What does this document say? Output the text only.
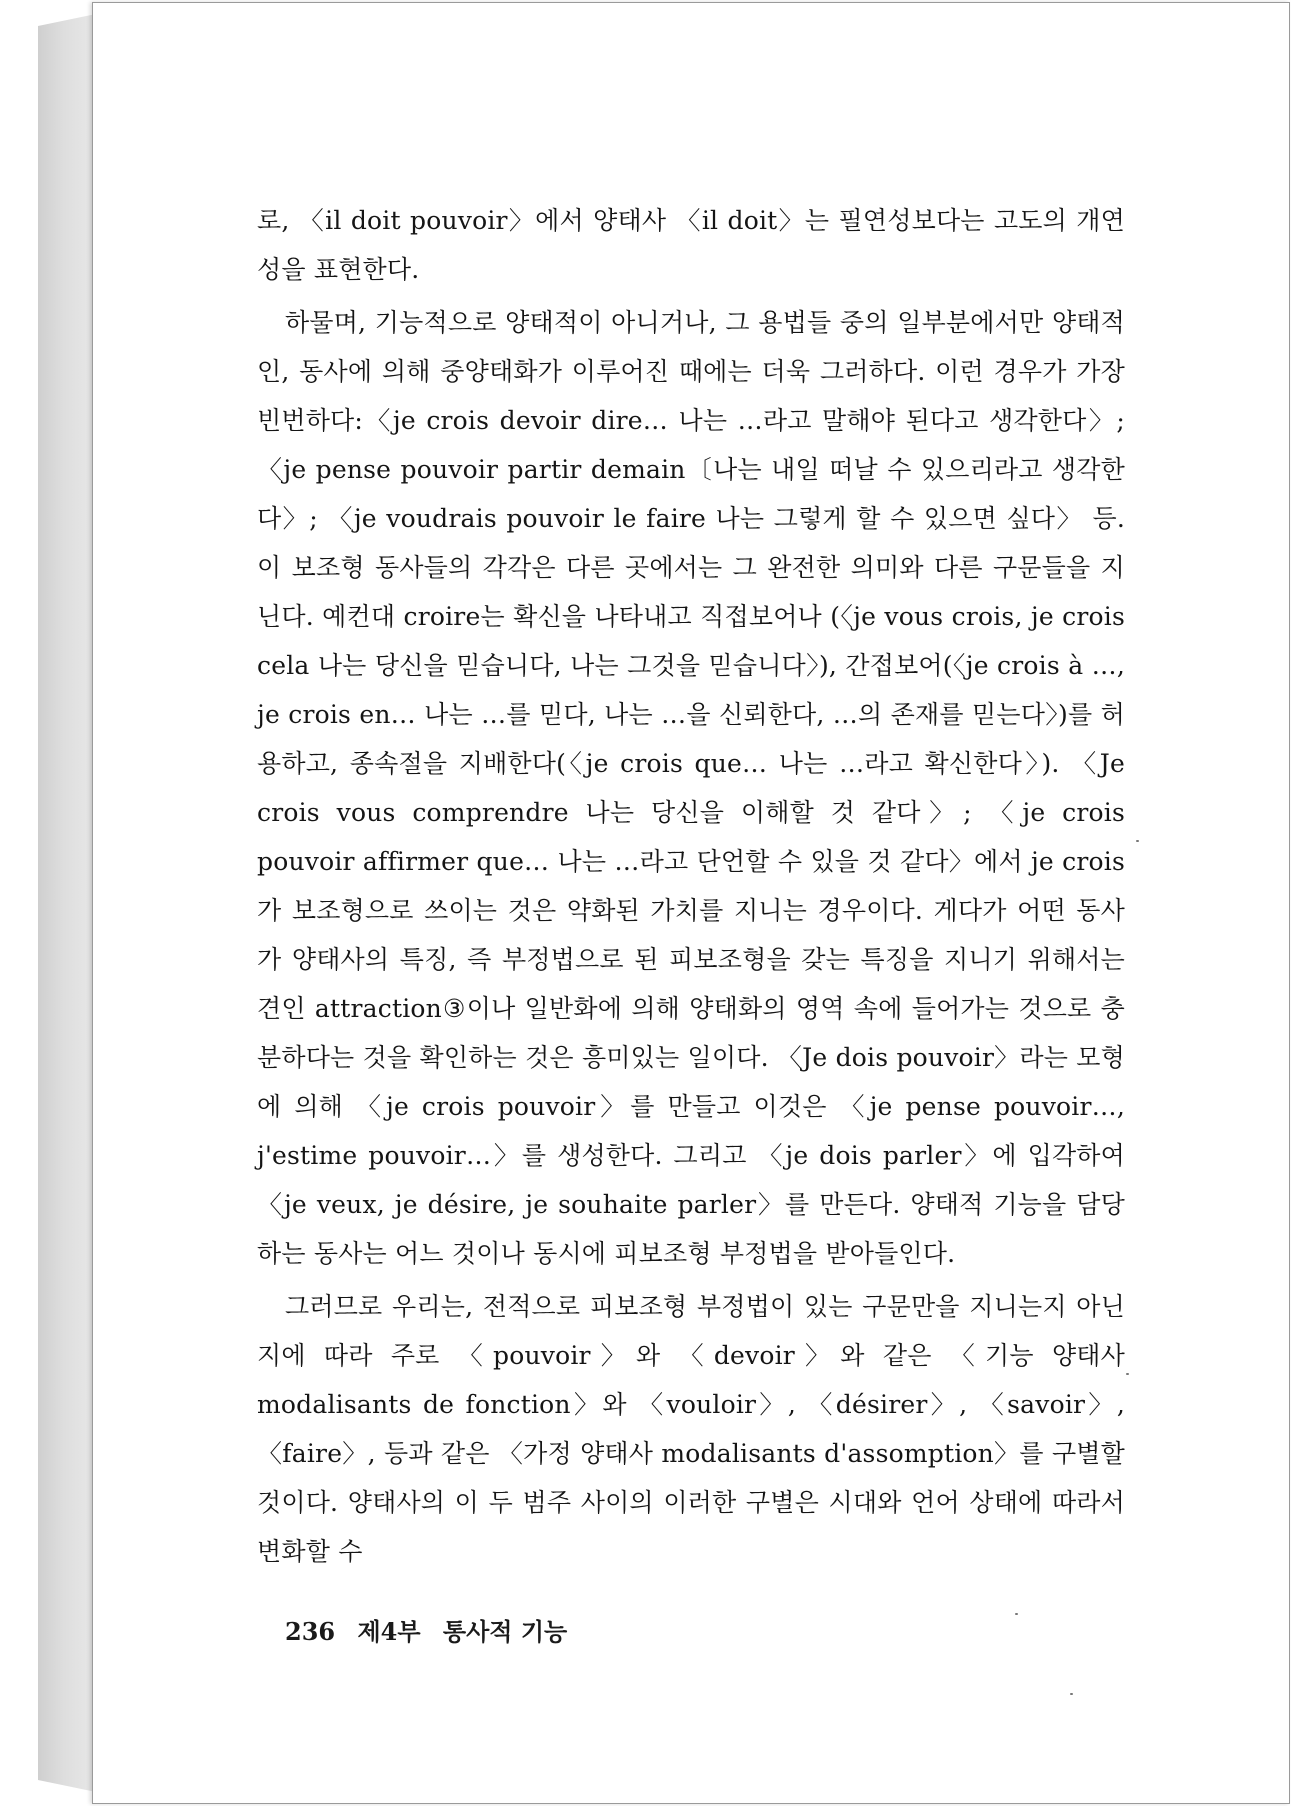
로, 〈il doit pouvoir〉에서 양태사 〈il doit〉는 필연성보다는 고도의 개연성을 표현한다.

하물며, 기능적으로 양태적이 아니거나, 그 용법들 중의 일부분에서만 양태적인, 동사에 의해 중양태화가 이루어진 때에는 더욱 그러하다. 이런 경우가 가장 빈번하다:〈je crois devoir dire… 나는 …라고 말해야 된다고 생각한다〉; 〈je pense pouvoir partir demain〔나는 내일 떠날 수 있으리라고 생각한다〉; 〈je voudrais pouvoir le faire 나는 그렇게 할 수 있으면 싶다〉 등. 이 보조형 동사들의 각각은 다른 곳에서는 그 완전한 의미와 다른 구문들을 지닌다. 예컨대 croire는 확신을 나타내고 직접보어나 (〈je vous crois, je crois cela 나는 당신을 믿습니다, 나는 그것을 믿습니다〉), 간접보어(〈je crois à …, je crois en… 나는 …를 믿다, 나는 …을 신뢰한다, …의 존재를 믿는다〉)를 허용하고, 종속절을 지배한다(〈je crois que… 나는 …라고 확신한다〉). 〈Je crois vous comprendre 나는 당신을 이해할 것 같다〉; 〈je crois pouvoir affirmer que… 나는 …라고 단언할 수 있을 것 같다〉에서 je crois가 보조형으로 쓰이는 것은 약화된 가치를 지니는 경우이다. 게다가 어떤 동사가 양태사의 특징, 즉 부정법으로 된 피보조형을 갖는 특징을 지니기 위해서는 견인 attraction③이나 일반화에 의해 양태화의 영역 속에 들어가는 것으로 충분하다는 것을 확인하는 것은 흥미있는 일이다. 〈Je dois pouvoir〉라는 모형에 의해 〈je crois pouvoir〉를 만들고 이것은 〈je pense pouvoir…, j'estime pouvoir…〉를 생성한다. 그리고 〈je dois parler〉에 입각하여 〈je veux, je désire, je souhaite parler〉를 만든다. 양태적 기능을 담당하는 동사는 어느 것이나 동시에 피보조형 부정법을 받아들인다.

그러므로 우리는, 전적으로 피보조형 부정법이 있는 구문만을 지니는지 아닌지에 따라 주로 〈pouvoir〉와 〈devoir〉와 같은 〈기능 양태사 modalisants de fonction〉와 〈vouloir〉, 〈désirer〉, 〈savoir〉, 〈faire〉, 등과 같은 〈가정 양태사 modalisants d'assomption〉를 구별할 것이다. 양태사의 이 두 범주 사이의 이러한 구별은 시대와 언어 상태에 따라서 변화할 수

236 제4부 통사적 기능
